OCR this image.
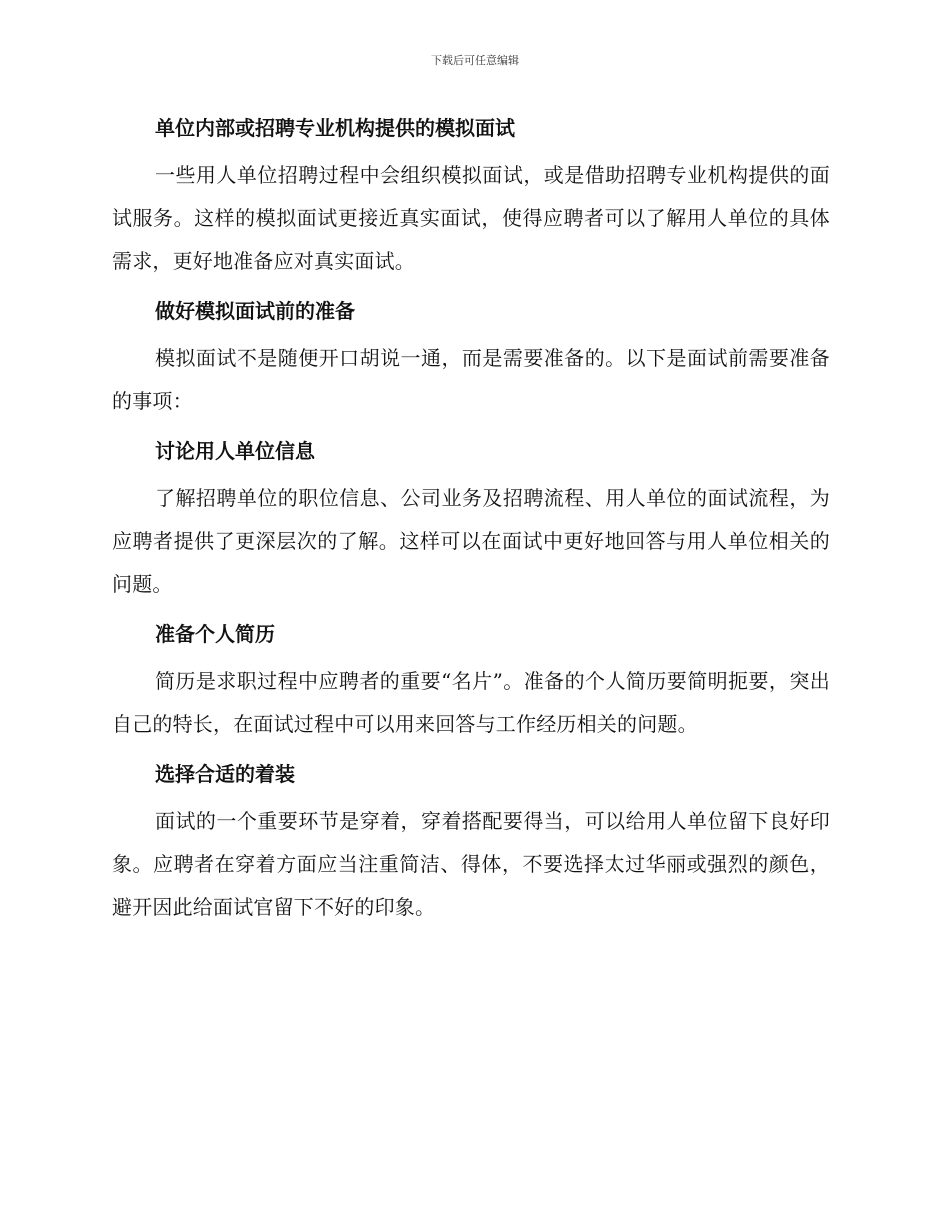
下载后可任意编辑
单位内部或招聘专业机构提供的模拟面试

一些用人单位招聘过程中会组织模拟面试，或是借助招聘专业机构提供的面试服务。这样的模拟面试更接近真实面试，使得应聘者可以了解用人单位的具体需求，更好地准备应对真实面试。

做好模拟面试前的准备

模拟面试不是随便开口胡说一通，而是需要准备的。以下是面试前需要准备的事项：

讨论用人单位信息

了解招聘单位的职位信息、公司业务及招聘流程、用人单位的面试流程，为应聘者提供了更深层次的了解。这样可以在面试中更好地回答与用人单位相关的问题。

准备个人简历

简历是求职过程中应聘者的重要“名片”。准备的个人简历要简明扼要，突出自己的特长，在面试过程中可以用来回答与工作经历相关的问题。

选择合适的着装

面试的一个重要环节是穿着，穿着搭配要得当，可以给用人单位留下良好印象。应聘者在穿着方面应当注重简洁、得体，不要选择太过华丽或强烈的颜色，避开因此给面试官留下不好的印象。
